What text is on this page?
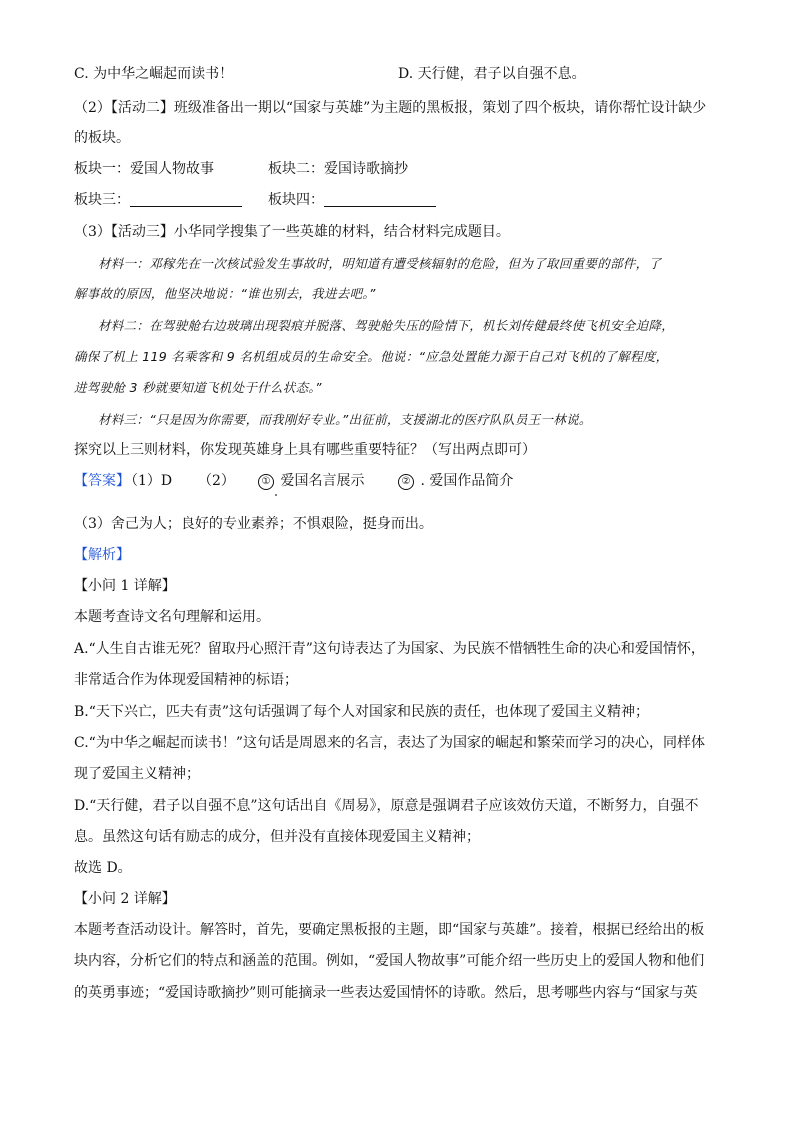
C. 为中华之崛起而读书！	D. 天行健，君子以自强不息。
（2）【活动二】班级准备出一期以“国家与英雄”为主题的黑板报，策划了四个板块，请你帮忙设计缺少
的板块。
板块一：爱国人物故事	板块二：爱国诗歌摘抄
板块三：	板块四：
（3）【活动三】小华同学搜集了一些英雄的材料，结合材料完成题目。
材料一：邓稼先在一次核试验发生事故时，明知道有遭受核辐射的危险，但为了取回重要的部件，了
解事故的原因，他坚决地说：“谁也别去，我进去吧。”
材料二：在驾驶舱右边玻璃出现裂痕并脱落、驾驶舱失压的险情下，机长刘传健最终使飞机安全迫降，
确保了机上 119 名乘客和 9 名机组成员的生命安全。他说：“应急处置能力源于自己对飞机的了解程度，
进驾驶舱 3 秒就要知道飞机处于什么状态。”
材料三：“只是因为你需要，而我刚好专业。”出征前，支援湖北的医疗队队员王一林说。
探究以上三则材料，你发现英雄身上具有哪些重要特征？（写出两点即可）
【答案】
（1）D （2）	① 爱国名言展示	② . 爱国作品简介
（3）舍己为人；良好的专业素养；不惧艰险，挺身而出。
【解析】
【小问 1 详解】
本题考查诗文名句理解和运用。
A.“人生自古谁无死？留取丹心照汗青”这句诗表达了为国家、为民族不惜牺牲生命的决心和爱国情怀，
非常适合作为体现爱国精神的标语；
B.“天下兴亡，匹夫有责”这句话强调了每个人对国家和民族的责任，也体现了爱国主义精神；
C.“为中华之崛起而读书！”这句话是周恩来的名言，表达了为国家的崛起和繁荣而学习的决心，同样体
现了爱国主义精神；
D.“天行健，君子以自强不息”这句话出自《周易》，原意是强调君子应该效仿天道，不断努力，自强不
息。虽然这句话有励志的成分，但并没有直接体现爱国主义精神；
故选 D。
【小问 2 详解】
本题考查活动设计。解答时，首先，要确定黑板报的主题，即“国家与英雄”。接着，根据已经给出的板
块内容，分析它们的特点和涵盖的范围。例如，“爱国人物故事”可能介绍一些历史上的爱国人物和他们
的英勇事迹；“爱国诗歌摘抄”则可能摘录一些表达爱国情怀的诗歌。然后，思考哪些内容与“国家与英
